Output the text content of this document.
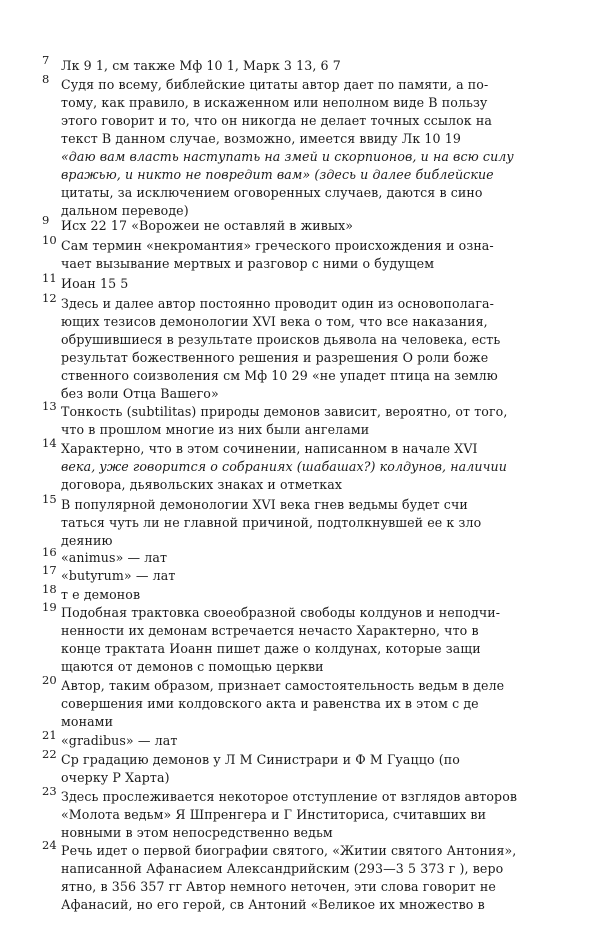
7 Лк 9 1, см также Мф 10 1, Марк 3 13, 6 7
8 Судя по всему, библейские цитаты автор дает по памяти, а по-
тому, как правило, в искаженном или неполном виде В пользу
этого говорит и то, что он никогда не делает точных ссылок на
текст В данном случае, возможно, имеется ввиду Лк 10 19
«даю вам власть наступать на змей и скорпионов, и на всю силу
вражью, и никто не повредит вам» (здесь и далее библейские
цитаты, за исключением оговоренных случаев, даются в сино
дальном переводе)
9 Исх 22 17 «Ворожеи не оставляй в живых»
10 Сам термин «некромантия» греческого происхождения и озна-
чает вызывание мертвых и разговор с ними о будущем
11 Иоан 15 5
12 Здесь и далее автор постоянно проводит один из основополага-
ющих тезисов демонологии XVI века о том, что все наказания,
обрушившиеся в результате происков дьявола на человека, есть
результат божественного решения и разрешения О роли боже
ственного соизволения см Мф 10 29 «не упадет птица на землю
без воли Отца Вашего»
13 Тонкость (subtilitas) природы демонов зависит, вероятно, от того,
что в прошлом многие из них были ангелами
14 Характерно, что в этом сочинении, написанном в начале XVI
века, уже говорится о собраниях (шабашах?) колдунов, наличии
договора, дьявольских знаках и отметках
15 В популярной демонологии XVI века гнев ведьмы будет счи
таться чуть ли не главной причиной, подтолкнувшей ее к зло
деянию
16 «animus» — лат
17 «butyrum» — лат
18 т е демонов
19 Подобная трактовка своеобразной свободы колдунов и неподчи-
ненности их демонам встречается нечасто Характерно, что в
конце трактата Иоанн пишет даже о колдунах, которые защи
щаются от демонов с помощью церкви
20 Автор, таким образом, признает самостоятельность ведьм в деле
совершения ими колдовского акта и равенства их в этом с де
монами
21 «gradibus» — лат
22 Ср градацию демонов у Л М Синистрари и Ф М Гуаццо (по
очерку Р Харта)
23 Здесь прослеживается некоторое отступление от взглядов авторов
«Молота ведьм» Я Шпренгера и Г Инститориса, считавших ви
новными в этом непосредственно ведьм
24 Речь идет о первой биографии святого, «Житии святого Антония»,
написанной Афанасием Александрийским (293—3 5 373 г ), веро
ятно, в 356 357 гг Автор немного неточен, эти слова говорит не
Афанасий, но его герой, св Антоний «Великое их множество в
